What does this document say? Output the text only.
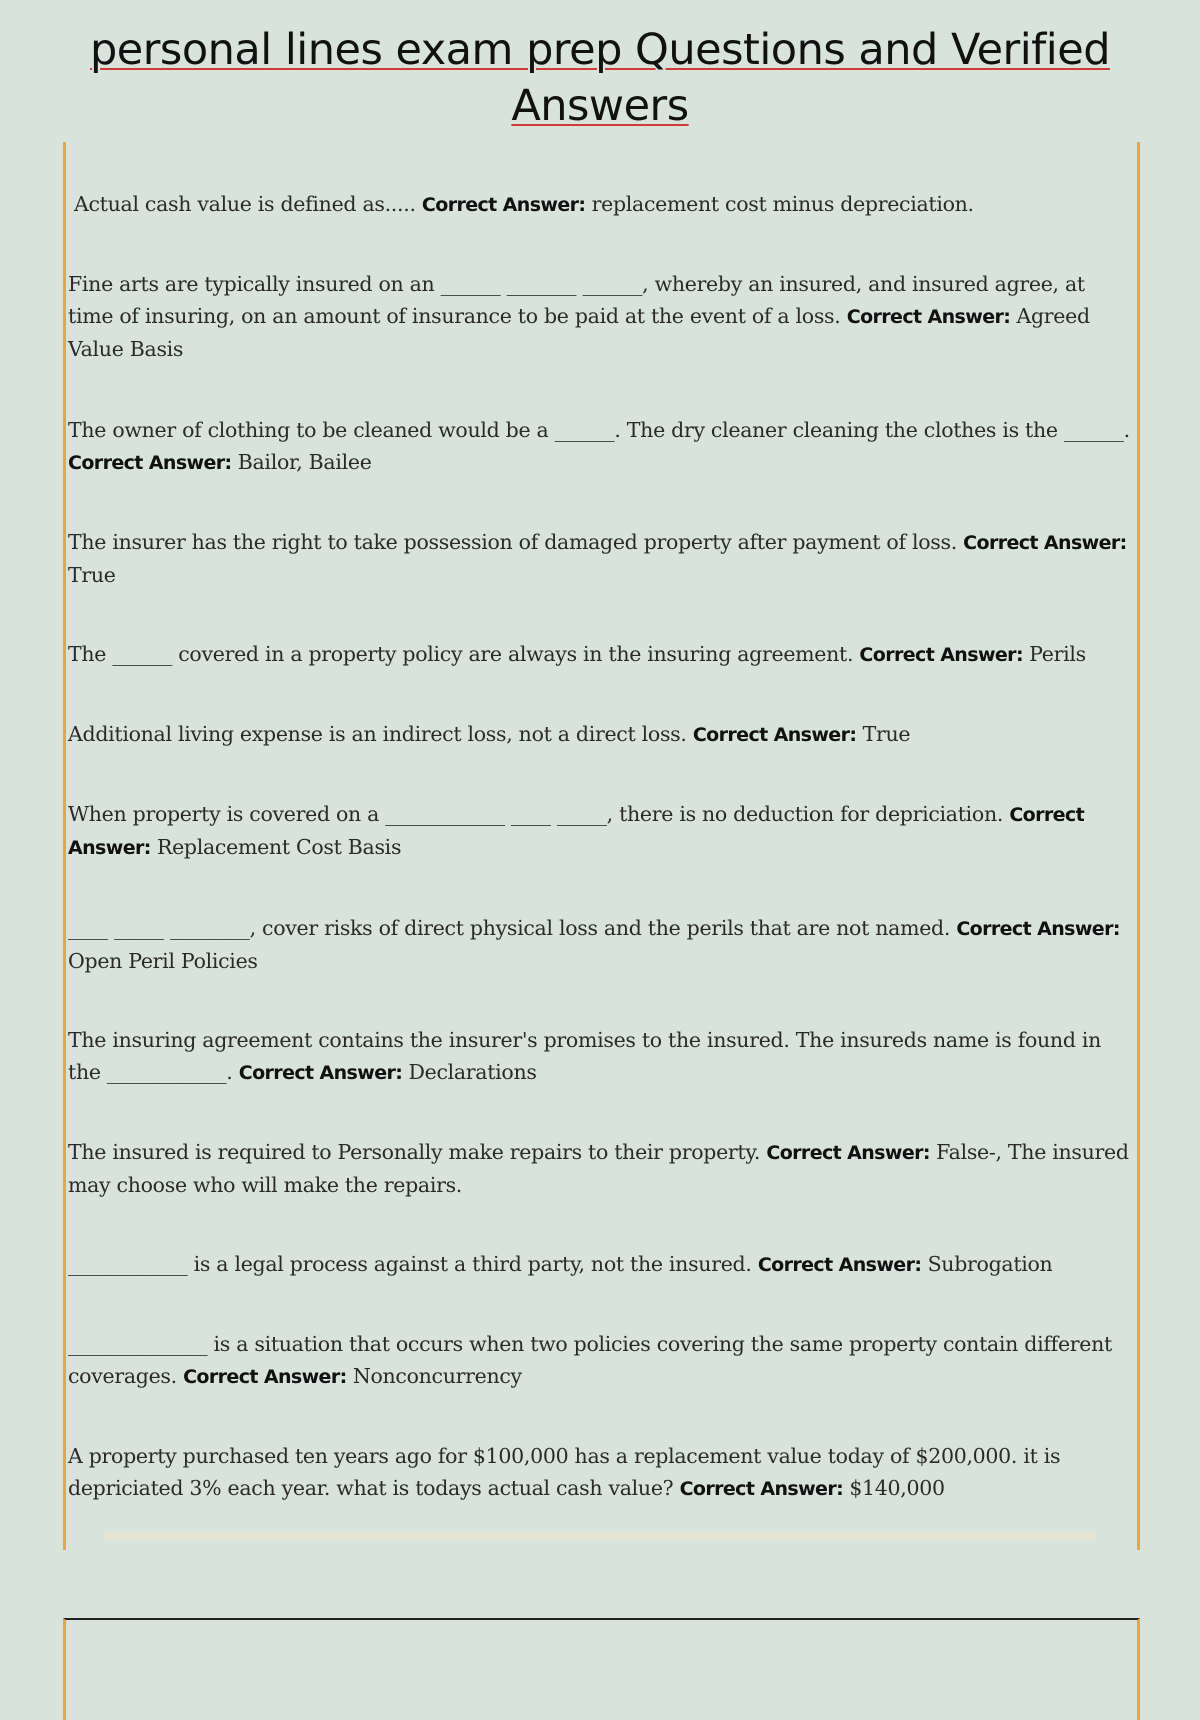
personal lines exam prep Questions and Verified Answers

Actual cash value is defined as..... Correct Answer: replacement cost minus depreciation.

Fine arts are typically insured on an ______ _______ ______, whereby an insured, and insured agree, at time of insuring, on an amount of insurance to be paid at the event of a loss. Correct Answer: Agreed Value Basis

The owner of clothing to be cleaned would be a ______. The dry cleaner cleaning the clothes is the ______. Correct Answer: Bailor, Bailee

The insurer has the right to take possession of damaged property after payment of loss. Correct Answer: True

The ______ covered in a property policy are always in the insuring agreement. Correct Answer: Perils

Additional living expense is an indirect loss, not a direct loss. Correct Answer: True

When property is covered on a ____________ ____ _____, there is no deduction for depriciation. Correct Answer: Replacement Cost Basis

____ _____ ________, cover risks of direct physical loss and the perils that are not named. Correct Answer: Open Peril Policies

The insuring agreement contains the insurer's promises to the insured. The insureds name is found in the ____________. Correct Answer: Declarations

The insured is required to Personally make repairs to their property. Correct Answer: False-, The insured may choose who will make the repairs.

____________ is a legal process against a third party, not the insured. Correct Answer: Subrogation

______________ is a situation that occurs when two policies covering the same property contain different coverages. Correct Answer: Nonconcurrency

A property purchased ten years ago for $100,000 has a replacement value today of $200,000. it is depriciated 3% each year. what is todays actual cash value? Correct Answer: $140,000
